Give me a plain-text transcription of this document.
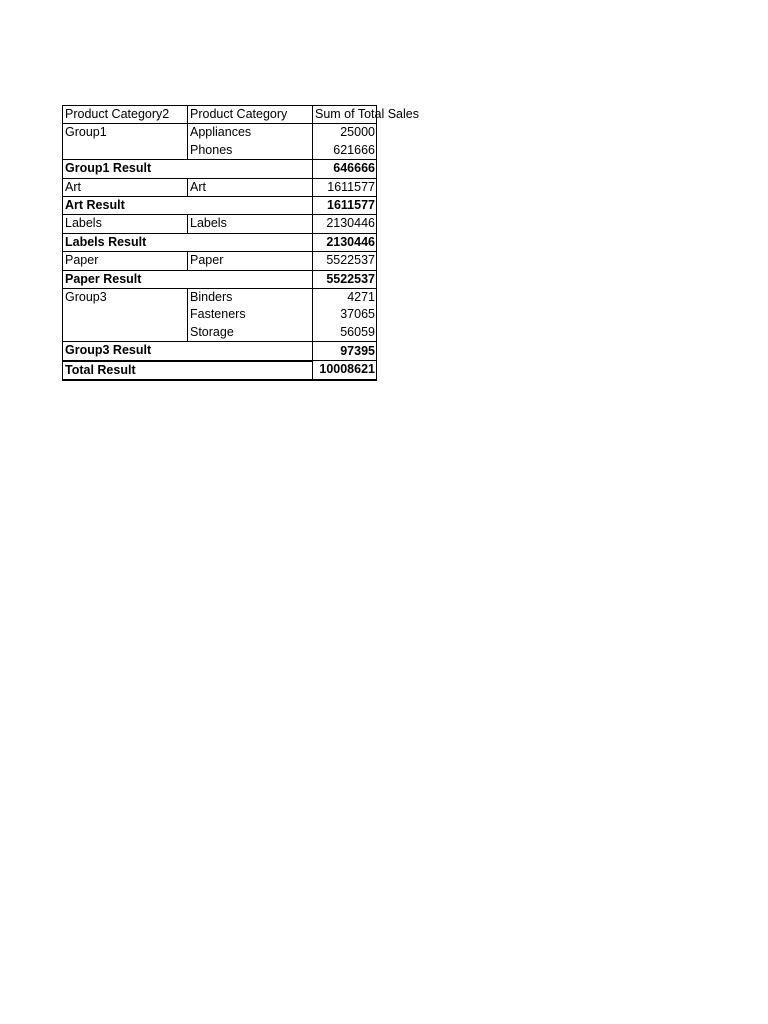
Product Category2	Product Category	Sum of Total Sales

Group1	Appliances	25000
	Phones	621666
Group1 Result		646666
Art	Art	1611577
Art Result		1611577
Labels	Labels	2130446
Labels Result		2130446
Paper	Paper	5522537
Paper Result		5522537
Group3	Binders	4271
	Fasteners	37065
	Storage	56059
Group3 Result		97395
Total Result		10008621
